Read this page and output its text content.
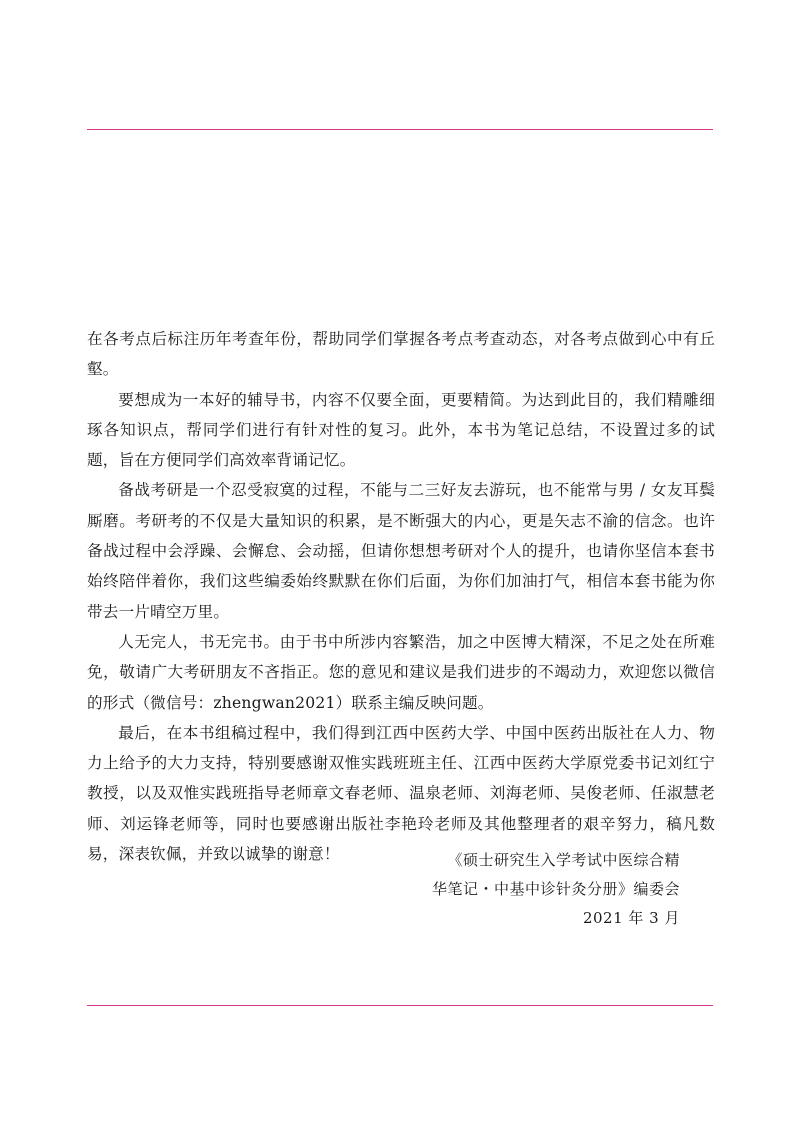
在各考点后标注历年考查年份，帮助同学们掌握各考点考查动态，对各考点做到心中有丘壑。

要想成为一本好的辅导书，内容不仅要全面，更要精简。为达到此目的，我们精雕细琢各知识点，帮同学们进行有针对性的复习。此外，本书为笔记总结，不设置过多的试题，旨在方便同学们高效率背诵记忆。

备战考研是一个忍受寂寞的过程，不能与二三好友去游玩，也不能常与男 / 女友耳鬓厮磨。考研考的不仅是大量知识的积累，是不断强大的内心，更是矢志不渝的信念。也许备战过程中会浮躁、会懈怠、会动摇，但请你想想考研对个人的提升，也请你坚信本套书始终陪伴着你，我们这些编委始终默默在你们后面，为你们加油打气，相信本套书能为你带去一片晴空万里。

人无完人，书无完书。由于书中所涉内容繁浩，加之中医博大精深，不足之处在所难免，敬请广大考研朋友不吝指正。您的意见和建议是我们进步的不竭动力，欢迎您以微信的形式（微信号：zhengwan2021）联系主编反映问题。

最后，在本书组稿过程中，我们得到江西中医药大学、中国中医药出版社在人力、物力上给予的大力支持，特别要感谢双惟实践班班主任、江西中医药大学原党委书记刘红宁教授，以及双惟实践班指导老师章文春老师、温泉老师、刘海老师、吴俊老师、任淑慧老师、刘运锋老师等，同时也要感谢出版社李艳玲老师及其他整理者的艰辛努力，稿凡数易，深表钦佩，并致以诚挚的谢意！	《硕士研究生入学考试中医综合精
华笔记・中基中诊针灸分册》编委会
2021 年 3 月
